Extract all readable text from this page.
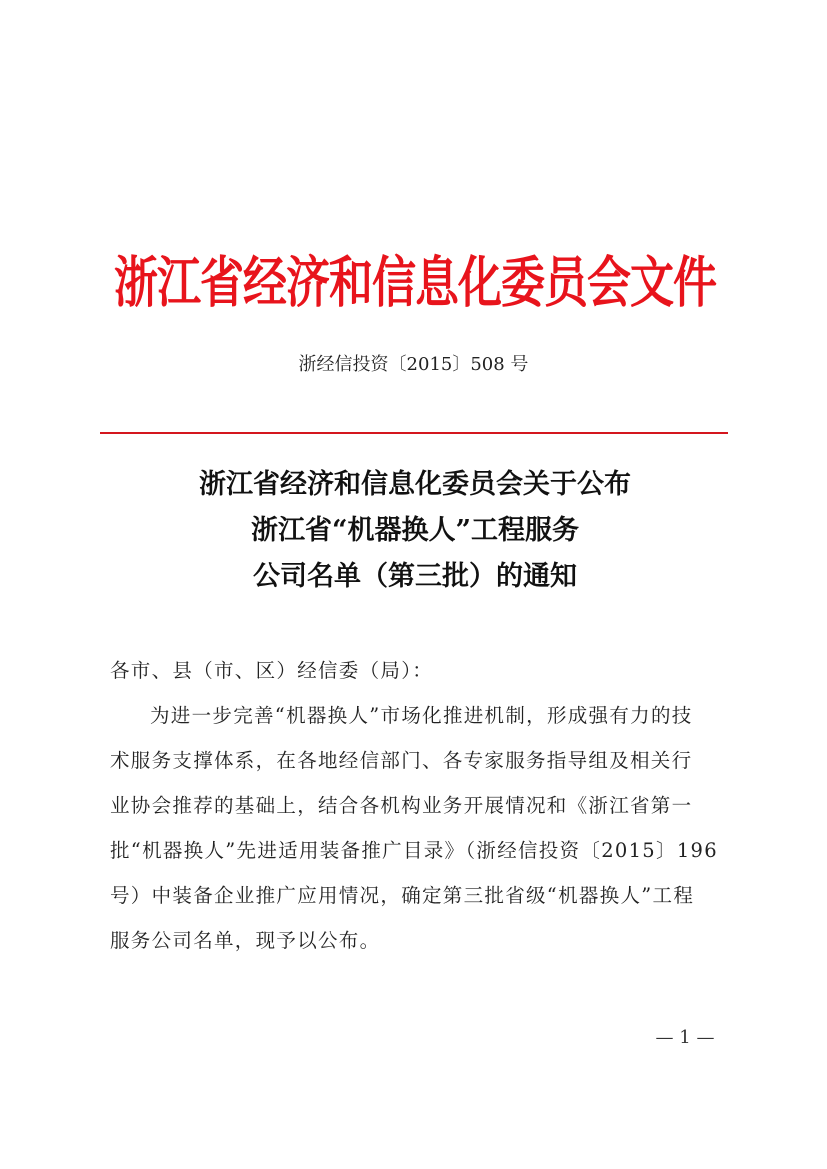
浙江省经济和信息化委员会文件
浙经信投资〔2015〕508 号
浙江省经济和信息化委员会关于公布
浙江省“机器换人”工程服务
公司名单（第三批）的通知
各市、县（市、区）经信委（局）：
为进一步完善“机器换人”市场化推进机制，形成强有力的技
术服务支撑体系，在各地经信部门、各专家服务指导组及相关行
业协会推荐的基础上，结合各机构业务开展情况和《浙江省第一
批“机器换人”先进适用装备推广目录》（浙经信投资〔2015〕196
号）中装备企业推广应用情况，确定第三批省级“机器换人”工程
服务公司名单，现予以公布。
— 1 —
